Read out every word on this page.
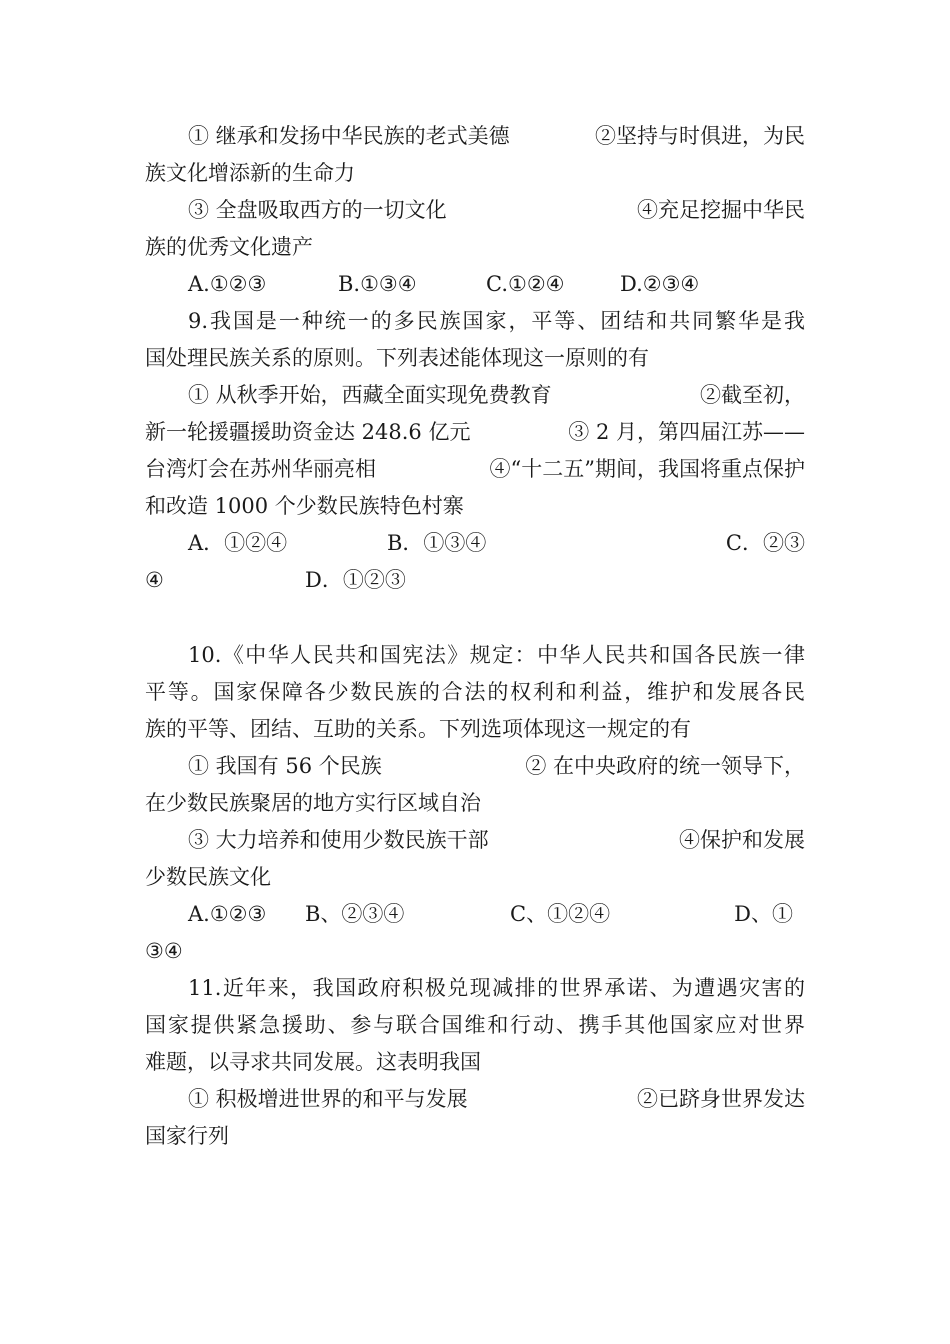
① 继承和发扬中华民族的老式美德	②坚持与时俱进，为民
族文化增添新的生命力
③ 全盘吸取西方的一切文化	④充足挖掘中华民
族的优秀文化遗产
A.①②③	B.①③④	C.①②④	D.②③④
9.我国是一种统一的多民族国家，平等、团结和共同繁华是我
国处理民族关系的原则。下列表述能体现这一原则的有
① 从秋季开始，西藏全面实现免费教育	②截至初，
新一轮援疆援助资金达 248.6 亿元	③ 2 月，第四届江苏——
台湾灯会在苏州华丽亮相	④“十二五”期间，我国将重点保护
和改造 1000 个少数民族特色村寨
A．①②④	B．①③④	C．②③
④	D．①②③
10.《中华人民共和国宪法》规定：中华人民共和国各民族一律
平等。国家保障各少数民族的合法的权利和利益，维护和发展各民
族的平等、团结、互助的关系。下列选项体现这一规定的有
① 我国有 56 个民族	② 在中央政府的统一领导下，
在少数民族聚居的地方实行区域自治
③ 大力培养和使用少数民族干部	④保护和发展
少数民族文化
A.①②③ B、②③④	C、①②④	D、①
③④
11.近年来，我国政府积极兑现减排的世界承诺、为遭遇灾害的
国家提供紧急援助、参与联合国维和行动、携手其他国家应对世界
难题，以寻求共同发展。这表明我国
① 积极增进世界的和平与发展	②已跻身世界发达
国家行列
